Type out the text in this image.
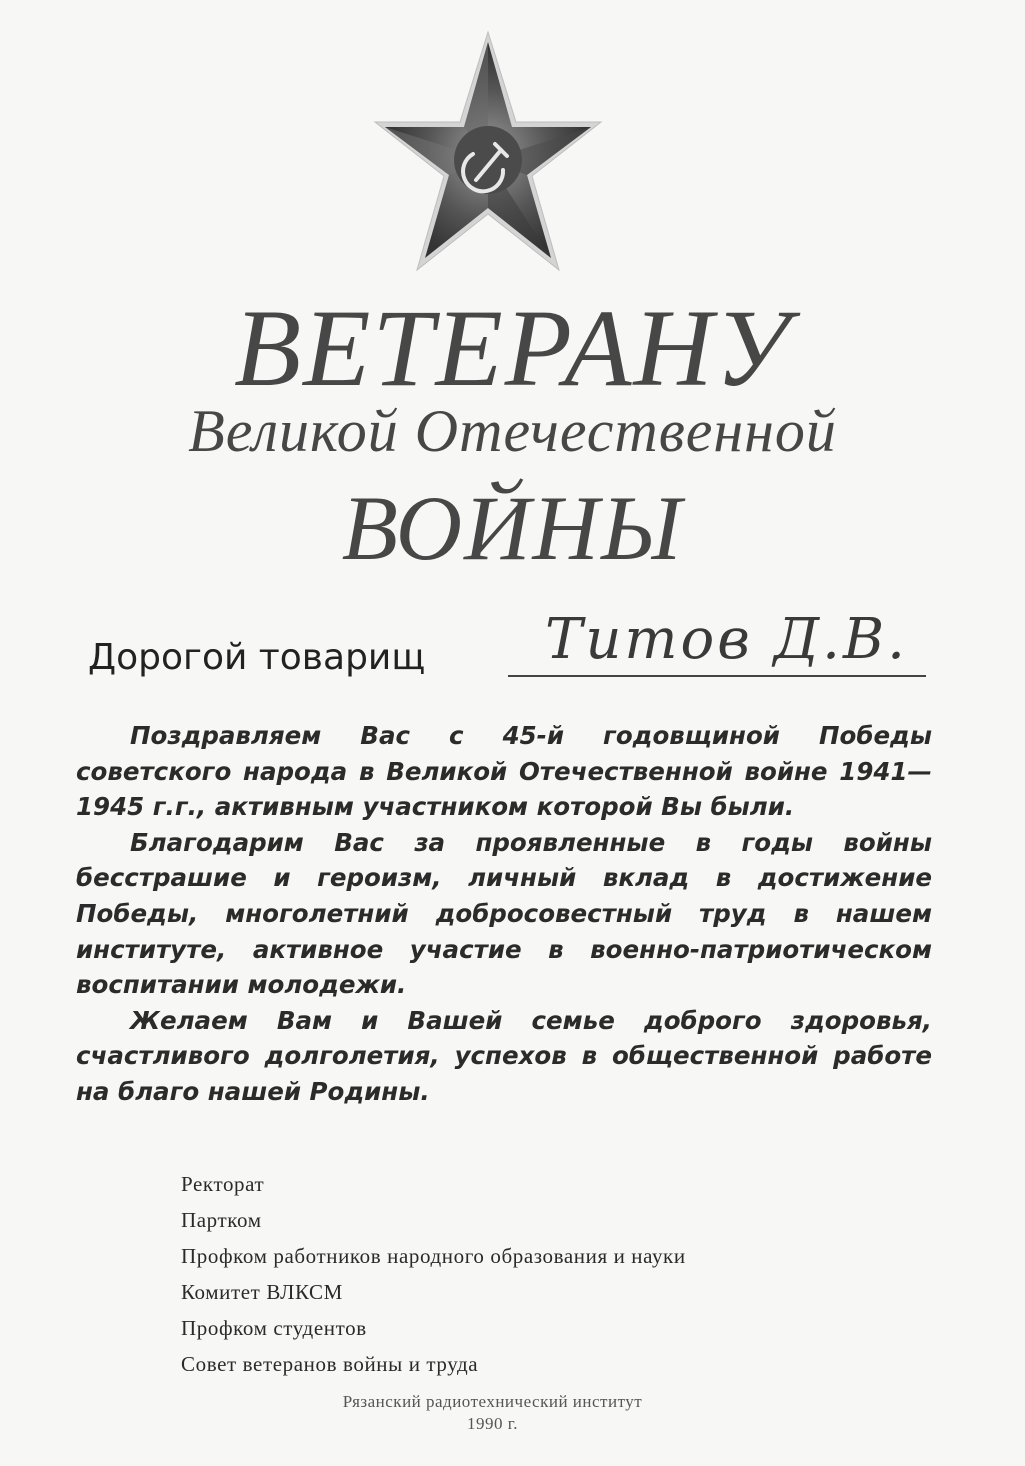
ВЕТЕРАНУ
Великой Отечественной
ВОЙНЫ
Дорогой товарищ Титов Д.В.

Поздравляем Вас с 45-й годовщиной Победы советского народа в Великой Отечественной войне 1941—1945 г.г., активным участником которой Вы были.

Благодарим Вас за проявленные в годы войны бесстрашие и героизм, личный вклад в достижение Победы, многолетний добросовестный труд в нашем институте, активное участие в военно-патриотическом воспитании молодежи.

Желаем Вам и Вашей семье доброго здоровья, счастливого долголетия, успехов в общественной работе на благо нашей Родины.

Ректорат
Партком
Профком работников народного образования и науки
Комитет ВЛКСМ
Профком студентов
Совет ветеранов войны и труда
Рязанский радиотехнический институт
1990 г.
